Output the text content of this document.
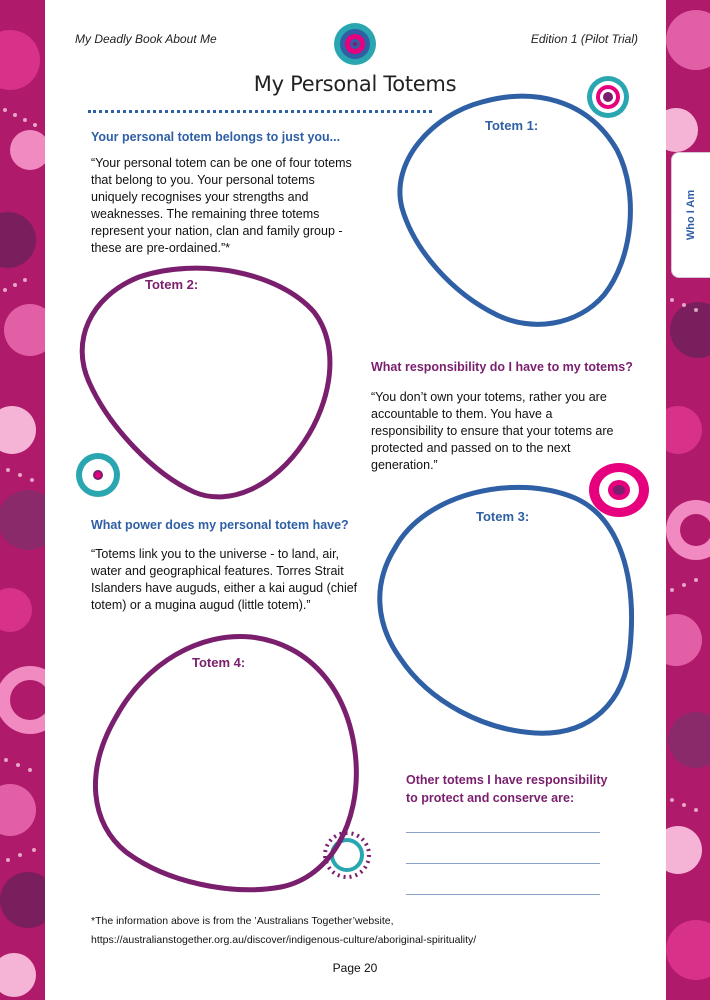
Who I Am
My Deadly Book About Me	Edition 1 (Pilot Trial)
My Personal Totems
Your personal totem belongs to just you...
“Your personal totem can be one of four totems that belong to you. Your personal totems uniquely recognises your strengths and weaknesses. The remaining three totems represent your nation, clan and family group - these are pre-ordained.”*
Totem 1:
Totem 2:
What responsibility do I have to my totems?
“You don’t own your totems, rather you are accountable to them. You have a responsibility to ensure that your totems are protected and passed on to the next generation.”
What power does my personal totem have?
“Totems link you to the universe - to land, air, water and geographical features. Torres Strait Islanders have auguds, either a kai augud (chief totem) or a mugina augud (little totem).”
Totem 3:
Totem 4:
Other totems I have responsibility
to protect and conserve are:
*The information above is from the ’Australians Together’website,
https://australianstogether.org.au/discover/indigenous-culture/aboriginal-spirituality/
Page 20
